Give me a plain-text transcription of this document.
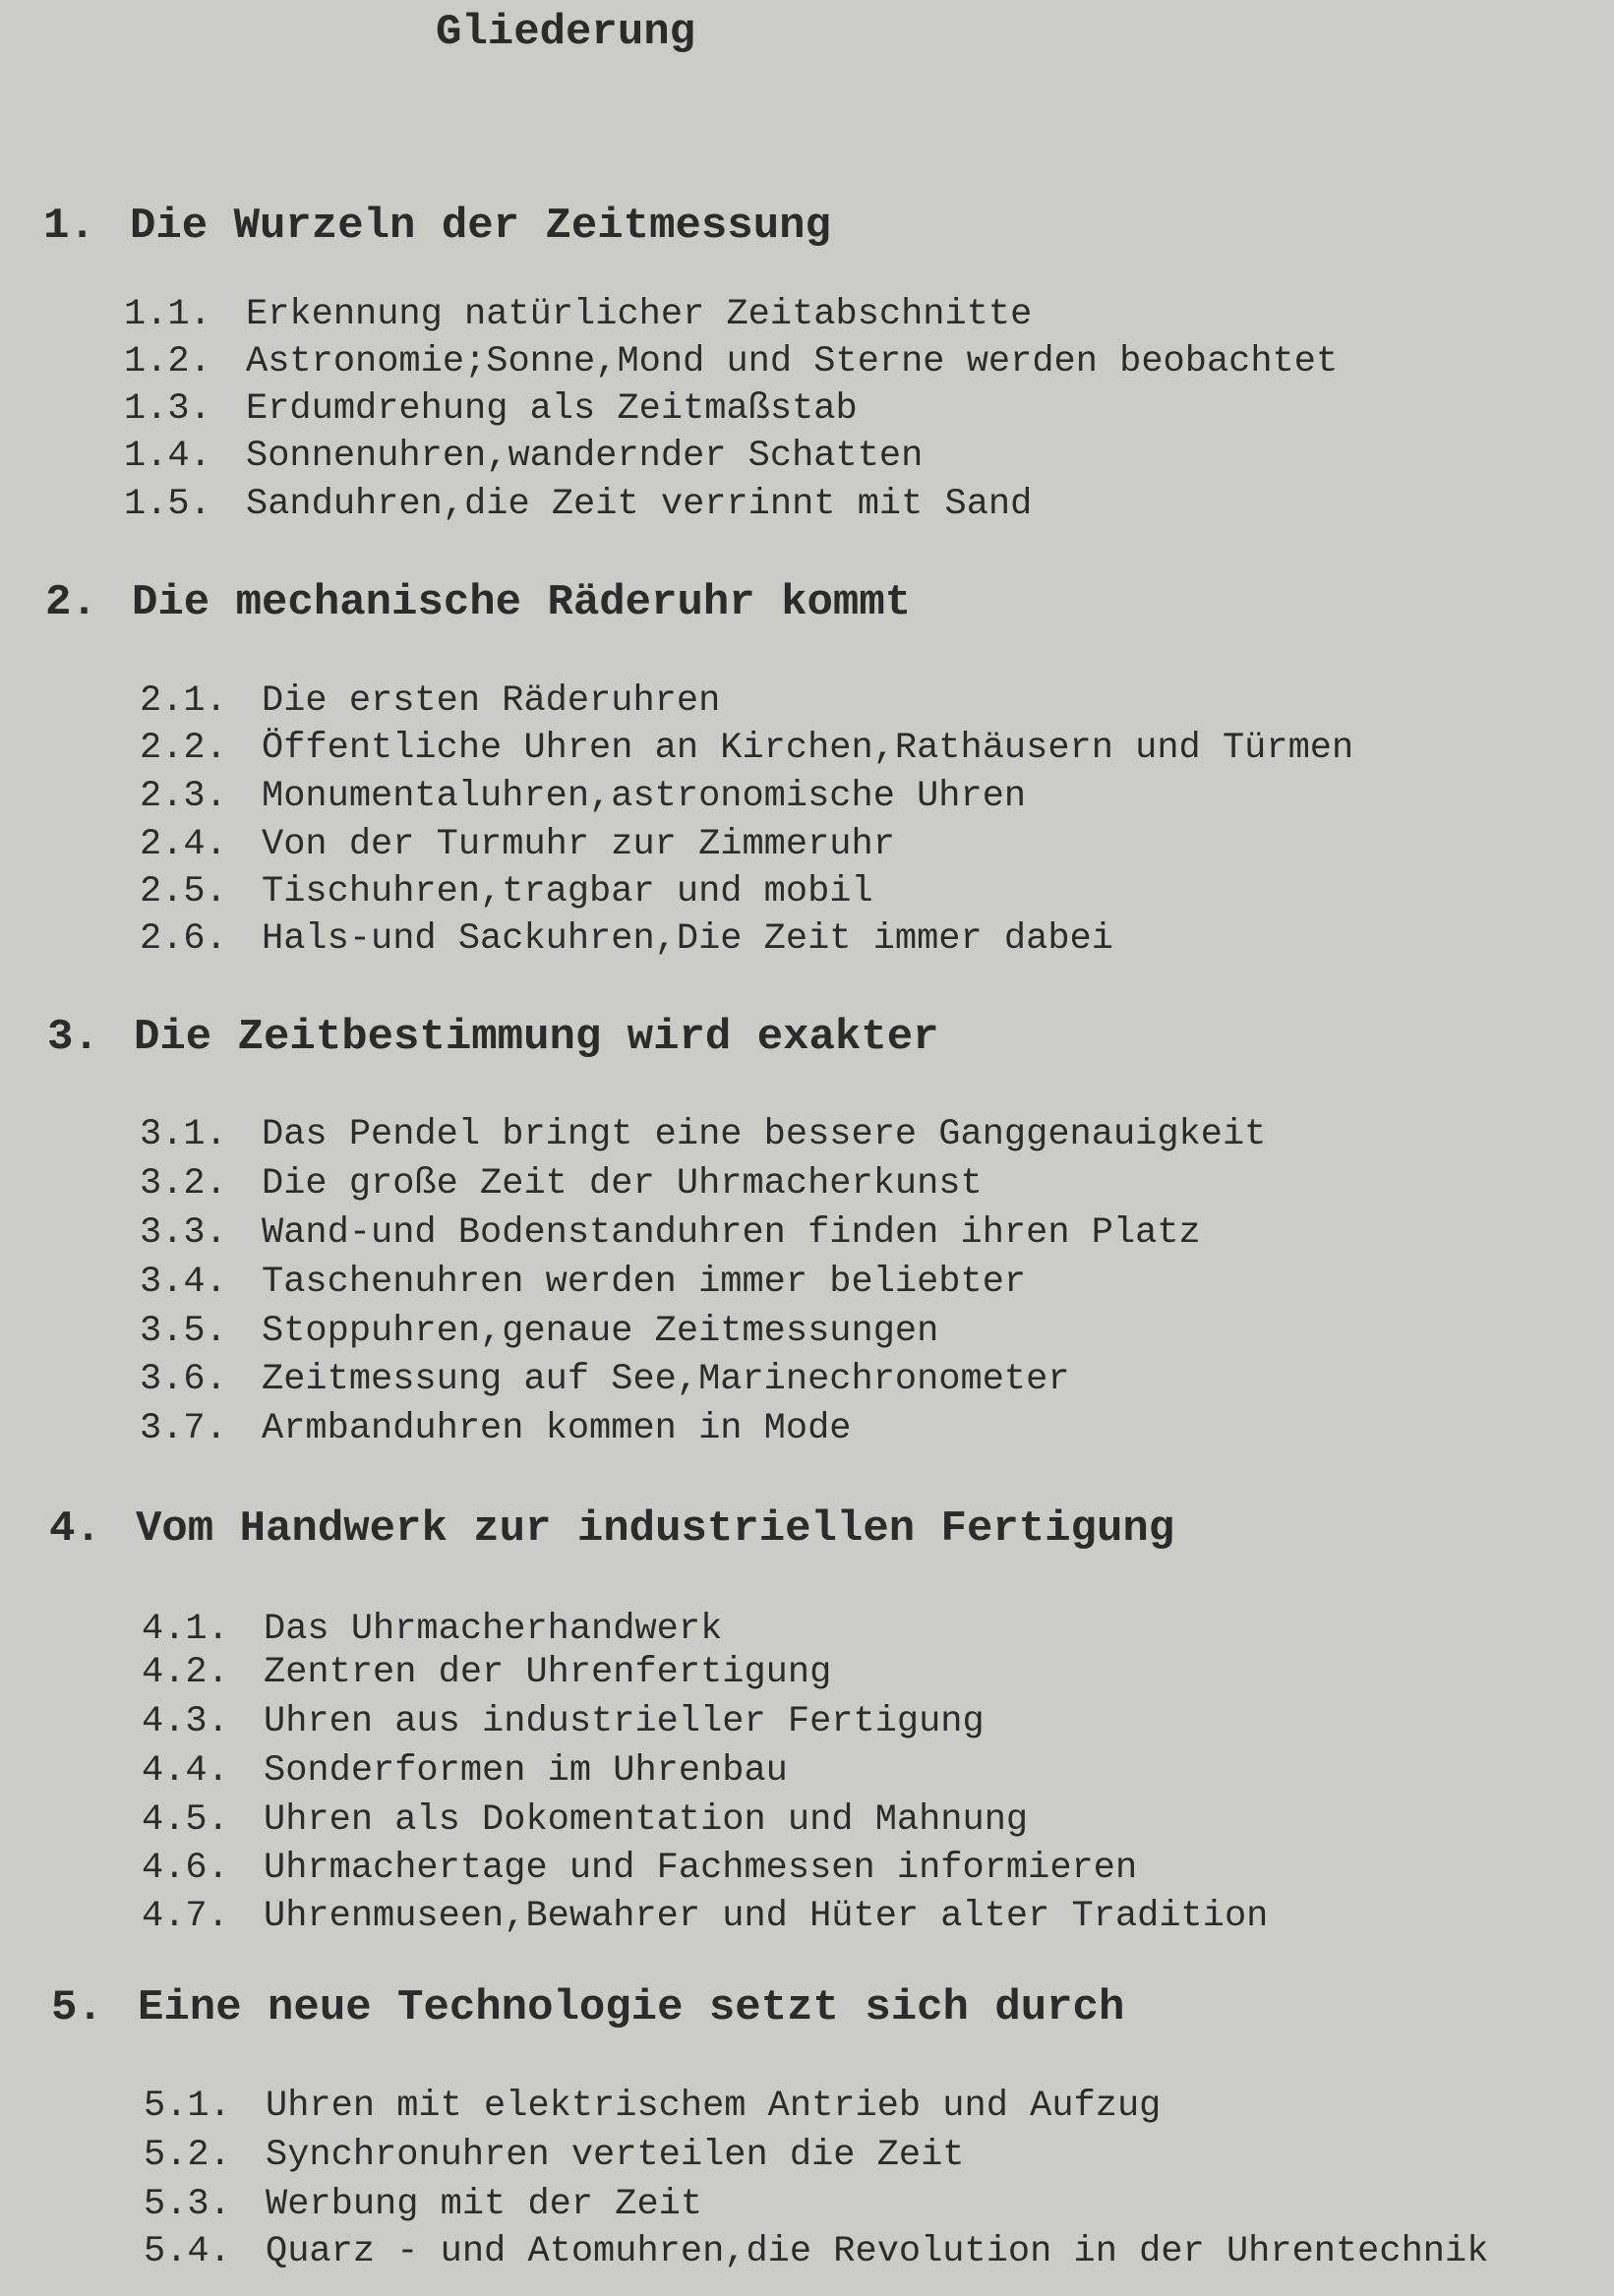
Gliederung
1. Die Wurzeln der Zeitmessung
1.1. Erkennung natürlicher Zeitabschnitte
1.2. Astronomie;Sonne,Mond und Sterne werden beobachtet
1.3. Erdumdrehung als Zeitmaßstab
1.4. Sonnenuhren,wandernder Schatten
1.5. Sanduhren,die Zeit verrinnt mit Sand
2. Die mechanische Räderuhr kommt
2.1. Die ersten Räderuhren
2.2. Öffentliche Uhren an Kirchen,Rathäusern und Türmen
2.3. Monumentaluhren,astronomische Uhren
2.4. Von der Turmuhr zur Zimmeruhr
2.5. Tischuhren,tragbar und mobil
2.6. Hals-und Sackuhren,Die Zeit immer dabei
3. Die Zeitbestimmung wird exakter
3.1. Das Pendel bringt eine bessere Ganggenauigkeit
3.2. Die große Zeit der Uhrmacherkunst
3.3. Wand-und Bodenstanduhren finden ihren Platz
3.4. Taschenuhren werden immer beliebter
3.5. Stoppuhren,genaue Zeitmessungen
3.6. Zeitmessung auf See,Marinechronometer
3.7. Armbanduhren kommen in Mode
4. Vom Handwerk zur industriellen Fertigung
4.1. Das Uhrmacherhandwerk
4.2. Zentren der Uhrenfertigung
4.3. Uhren aus industrieller Fertigung
4.4. Sonderformen im Uhrenbau
4.5. Uhren als Dokomentation und Mahnung
4.6. Uhrmachertage und Fachmessen informieren
4.7. Uhrenmuseen,Bewahrer und Hüter alter Tradition
5. Eine neue Technologie setzt sich durch
5.1. Uhren mit elektrischem Antrieb und Aufzug
5.2. Synchronuhren verteilen die Zeit
5.3. Werbung mit der Zeit
5.4. Quarz - und Atomuhren,die Revolution in der Uhrentechnik
